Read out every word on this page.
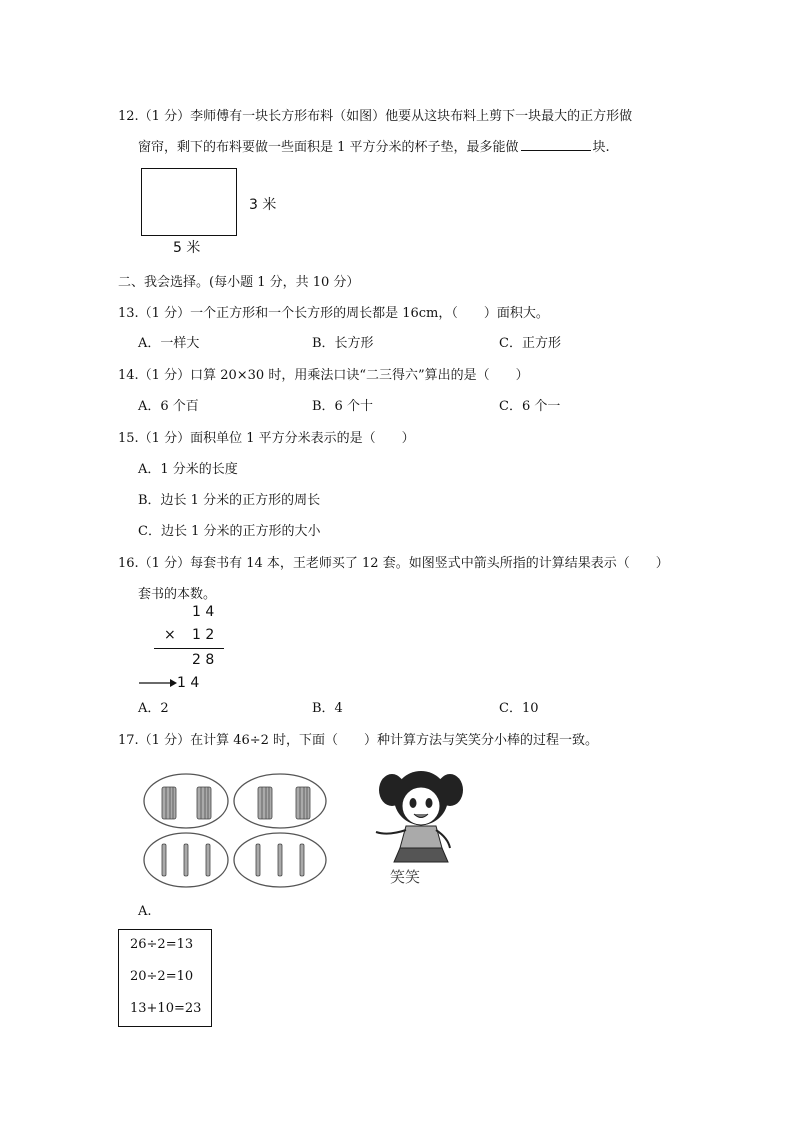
12.（1 分）李师傅有一块长方形布料（如图）他要从这块布料上剪下一块最大的正方形做
窗帘，剩下的布料要做一些面积是 1 平方分米的杯子垫，最多能做	块.
3 米
5 米
二、我会选择。(每小题 1 分，共 10 分）
13.（1 分）一个正方形和一个长方形的周长都是 16cm，（　　）面积大。
A．一样大	B．长方形	C．正方形
14.（1 分）口算 20×30 时，用乘法口诀“二三得六”算出的是（　　）
A．6 个百	B．6 个十	C．6 个一
15.（1 分）面积单位 1 平方分米表示的是（　　）
A．1 分米的长度
B．边长 1 分米的正方形的周长
C．边长 1 分米的正方形的大小
16.（1 分）每套书有 14 本，王老师买了 12 套。如图竖式中箭头所指的计算结果表示（　　）
套书的本数。
1 4
× 1 2
2 8
1 4
A．2	B．4	C．10
17.（1 分）在计算 46÷2 时，下面（　　）种计算方法与笑笑分小棒的过程一致。
笑笑
A.
26÷2=13
20÷2=10
13+10=23
